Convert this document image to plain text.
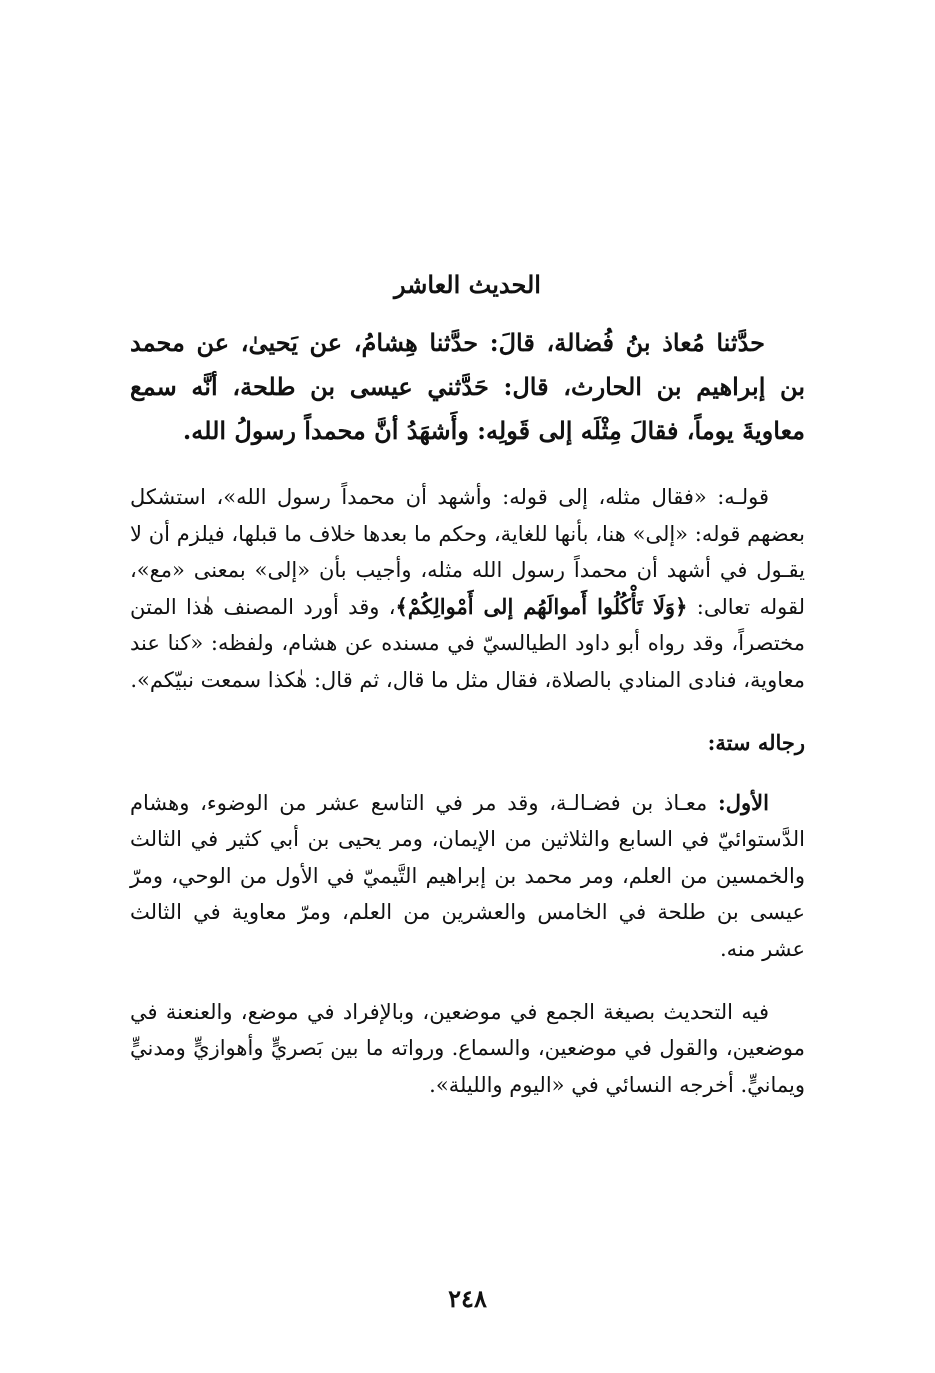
الحديث العاشر

حدَّثنا مُعاذ بنُ فُضالة، قالَ: حدَّثنا هِشامُ، عن يَحيىٰ، عن محمد بن إبراهيم بن الحارث، قال: حَدَّثني عيسى بن طلحة، أنَّه سمع معاويةَ يوماً، فقالَ مِثْلَه إلى قَولِه: وأَشهَدُ أنَّ محمداً رسولُ الله.

قولـه: «فقال مثله، إلى قوله: وأشهد أن محمداً رسول الله»، استشكل بعضهم قوله: «إلى» هنا، بأنها للغاية، وحكم ما بعدها خلاف ما قبلها، فيلزم أن لا يقـول في أشهد أن محمداً رسول الله مثله، وأجيب بأن «إلى» بمعنى «مع»، لقوله تعالى: ﴿وَلَا تَأْكُلُوا أَموالَهُم إلى أَمْوالِكُمْ﴾، وقد أورد المصنف هٰذا المتن مختصراً، وقد رواه أبو داود الطيالسيّ في مسنده عن هشام، ولفظه: «كنا عند معاوية، فنادى المنادي بالصلاة، فقال مثل ما قال، ثم قال: هٰكذا سمعت نبيّكم».

رجاله ستة:

الأول: معـاذ بن فضـالـة، وقد مر في التاسع عشر من الوضوء، وهشام الدَّستوائيّ في السابع والثلاثين من الإيمان، ومر يحيى بن أبي كثير في الثالث والخمسين من العلم، ومر محمد بن إبراهيم التَّيميّ في الأول من الوحي، ومرّ عيسى بن طلحة في الخامس والعشرين من العلم، ومرّ معاوية في الثالث عشر منه.

فيه التحديث بصيغة الجمع في موضعين، وبالإفراد في موضع، والعنعنة في موضعين، والقول في موضعين، والسماع. ورواته ما بين بَصريٍّ وأهوازيٍّ ومدنيٍّ ويمانيٍّ. أخرجه النسائي في «اليوم والليلة».

٢٤٨
